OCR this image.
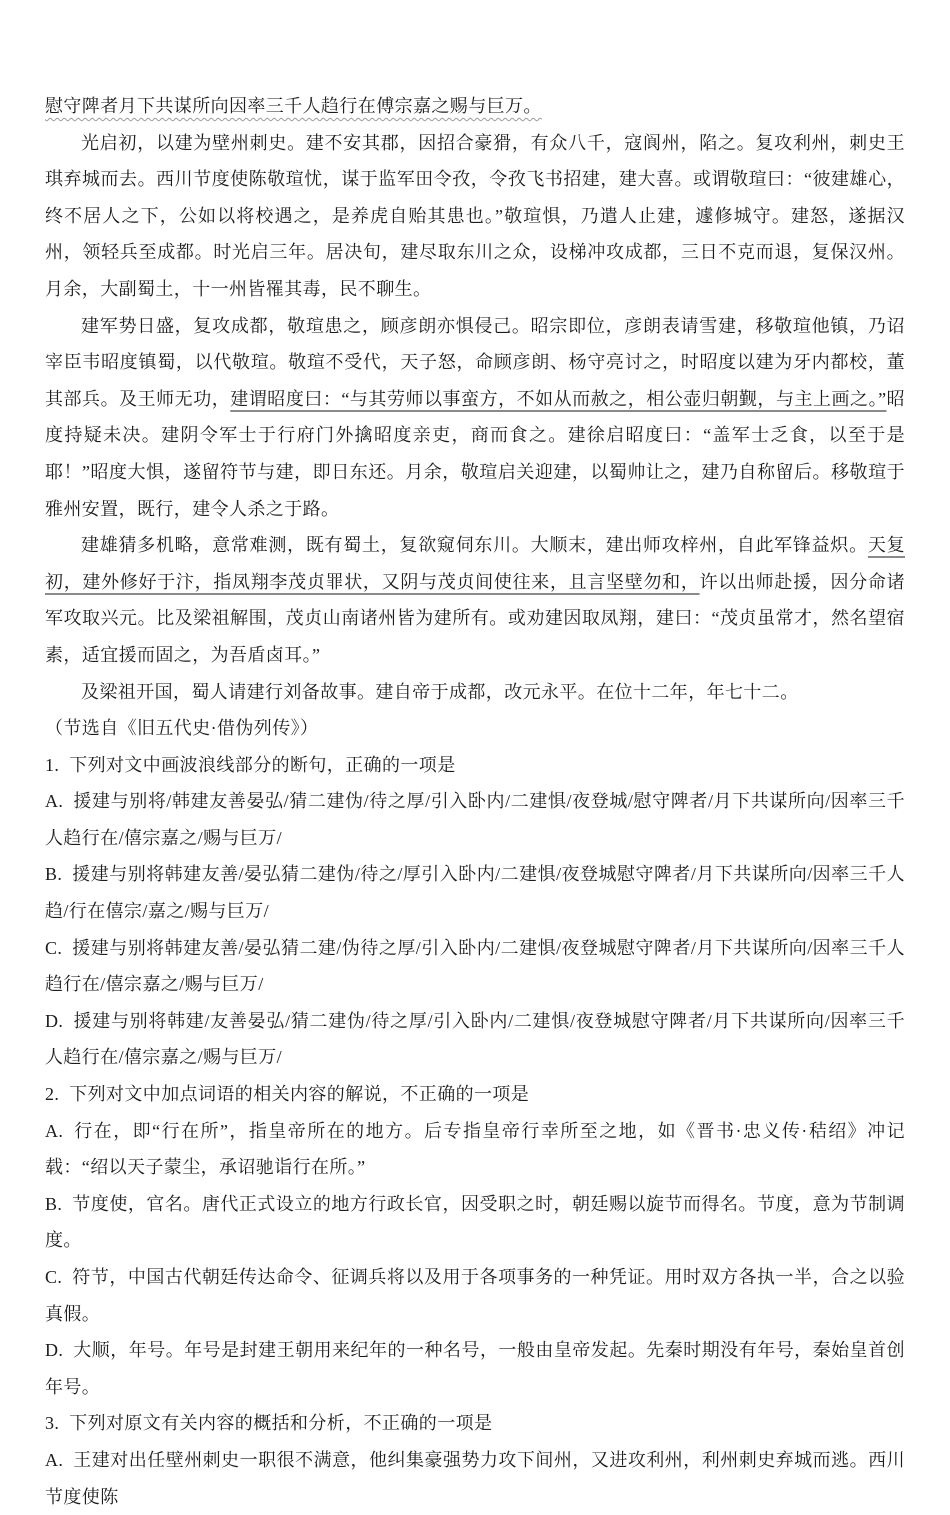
慰守陴者月下共谋所向因率三千人趋行在傅宗嘉之赐与巨万。

光启初，以建为壁州刺史。建不安其郡，因招合豪猾，有众八千，寇阆州，陷之。复攻利州，刺史王琪弃城而去。西川节度使陈敬瑄忧，谋于监军田令孜，令孜飞书招建，建大喜。或谓敬瑄曰：“彼建雄心，终不居人之下，公如以将校遇之，是养虎自贻其患也。”敬瑄惧，乃遣人止建，遽修城守。建怒，遂据汉州，领轻兵至成都。时光启三年。居决旬，建尽取东川之众，设梯冲攻成都，三日不克而退，复保汉州。月余，大副蜀土，十一州皆罹其毒，民不聊生。

建军势日盛，复攻成都，敬瑄患之，顾彦朗亦惧侵己。昭宗即位，彦朗表请雪建，移敬瑄他镇，乃诏宰臣韦昭度镇蜀，以代敬瑄。敬瑄不受代，天子怒，命顾彦朗、杨守亮讨之，时昭度以建为牙内都校，董其部兵。及王师无功，建谓昭度曰：“与其劳师以事蛮方，不如从而赦之，相公壶归朝觐，与主上画之。”昭度持疑未决。建阴令军士于行府门外擒昭度亲吏，商而食之。建徐启昭度曰：“盖军士乏食，以至于是耶！”昭度大惧，遂留符节与建，即日东还。月余，敬瑄启关迎建，以蜀帅让之，建乃自称留后。移敬瑄于雅州安置，既行，建令人杀之于路。

建雄猜多机略，意常难测，既有蜀土，复欲窥伺东川。大顺末，建出师攻梓州，自此军锋益炽。天复初，建外修好于汴，指凤翔李茂贞罪状，又阴与茂贞间使往来，且言坚壁勿和，许以出师赴援，因分命诸军攻取兴元。比及梁祖解围，茂贞山南诸州皆为建所有。或劝建因取凤翔，建曰：“茂贞虽常才，然名望宿素，适宜援而固之，为吾盾卤耳。”

及梁祖开国，蜀人请建行刘备故事。建自帝于成都，改元永平。在位十二年，年七十二。

（节选自《旧五代史·借伪列传》）

1. 下列对文中画波浪线部分的断句，正确的一项是

A. 援建与别将/韩建友善晏弘/猜二建伪/待之厚/引入卧内/二建惧/夜登城/慰守陴者/月下共谋所向/因率三千人趋行在/僖宗嘉之/赐与巨万/

B. 援建与别将韩建友善/晏弘猜二建伪/待之/厚引入卧内/二建惧/夜登城慰守陴者/月下共谋所向/因率三千人趋/行在僖宗/嘉之/赐与巨万/

C. 援建与别将韩建友善/晏弘猜二建/伪待之厚/引入卧内/二建惧/夜登城慰守陴者/月下共谋所向/因率三千人趋行在/僖宗嘉之/赐与巨万/

D. 援建与别将韩建/友善晏弘/猜二建伪/待之厚/引入卧内/二建惧/夜登城慰守陴者/月下共谋所向/因率三千人趋行在/僖宗嘉之/赐与巨万/

2. 下列对文中加点词语的相关内容的解说，不正确的一项是

A. 行在，即“行在所”，指皇帝所在的地方。后专指皇帝行幸所至之地，如《晋书·忠义传·秸绍》冲记载：“绍以天子蒙尘，承诏驰诣行在所。”

B. 节度使，官名。唐代正式设立的地方行政长官，因受职之时，朝廷赐以旋节而得名。节度，意为节制调度。

C. 符节，中国古代朝廷传达命令、征调兵将以及用于各项事务的一种凭证。用时双方各执一半，合之以验真假。

D. 大顺，年号。年号是封建王朝用来纪年的一种名号，一般由皇帝发起。先秦时期没有年号，秦始皇首创年号。

3. 下列对原文有关内容的概括和分析，不正确的一项是

A. 王建对出任壁州刺史一职很不满意，他纠集豪强势力攻下间州，又进攻利州，利州刺史弃城而逃。西川节度使陈
